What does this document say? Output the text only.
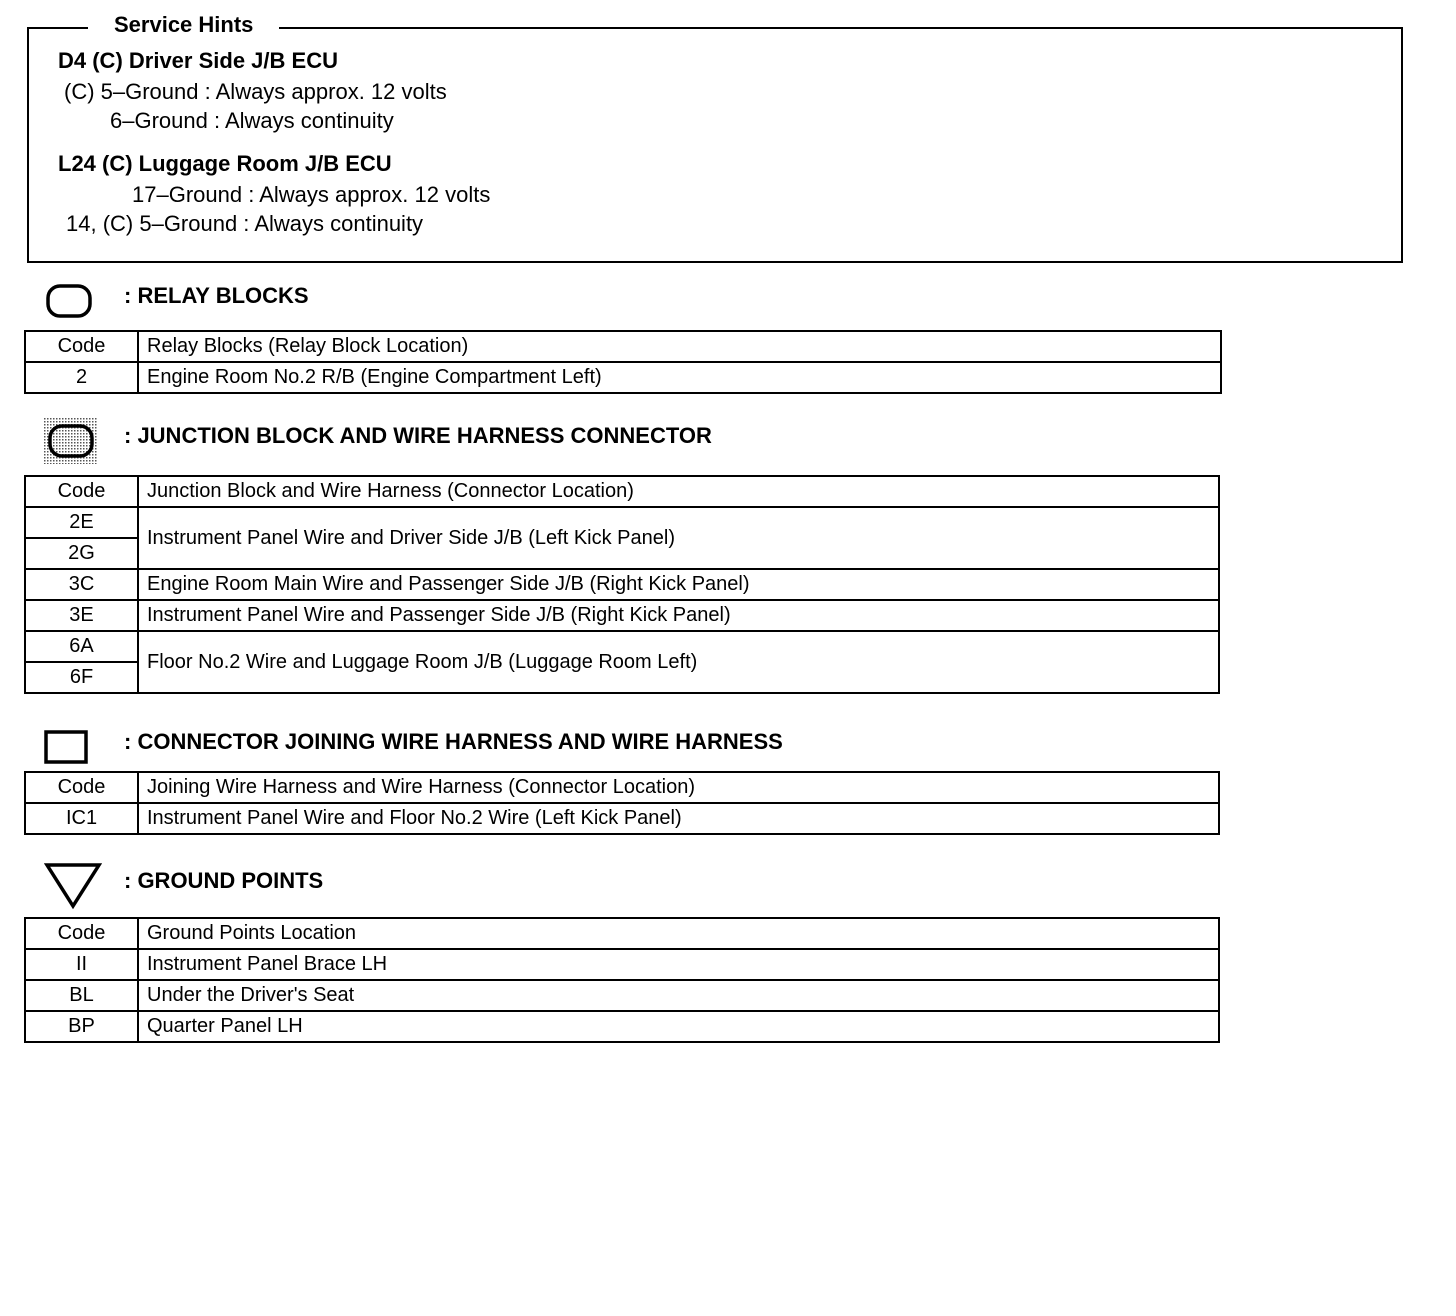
Service Hints
D4 (C) Driver Side J/B ECU
(C) 5–Ground : Always approx. 12 volts
6–Ground : Always continuity
L24 (C) Luggage Room J/B ECU
17–Ground : Always approx. 12 volts
14, (C) 5–Ground : Always continuity
: RELAY BLOCKS
Code	Relay Blocks (Relay Block Location)
2	Engine Room No.2 R/B (Engine Compartment Left)
: JUNCTION BLOCK AND WIRE HARNESS CONNECTOR
Code	Junction Block and Wire Harness (Connector Location)
2E	Instrument Panel Wire and Driver Side J/B (Left Kick Panel)
2G	
3C	Engine Room Main Wire and Passenger Side J/B (Right Kick Panel)
3E	Instrument Panel Wire and Passenger Side J/B (Right Kick Panel)
6A	Floor No.2 Wire and Luggage Room J/B (Luggage Room Left)
6F	
: CONNECTOR JOINING WIRE HARNESS AND WIRE HARNESS
Code	Joining Wire Harness and Wire Harness (Connector Location)
IC1	Instrument Panel Wire and Floor No.2 Wire (Left Kick Panel)
: GROUND POINTS
Code	Ground Points Location
II	Instrument Panel Brace LH
BL	Under the Driver's Seat
BP	Quarter Panel LH
